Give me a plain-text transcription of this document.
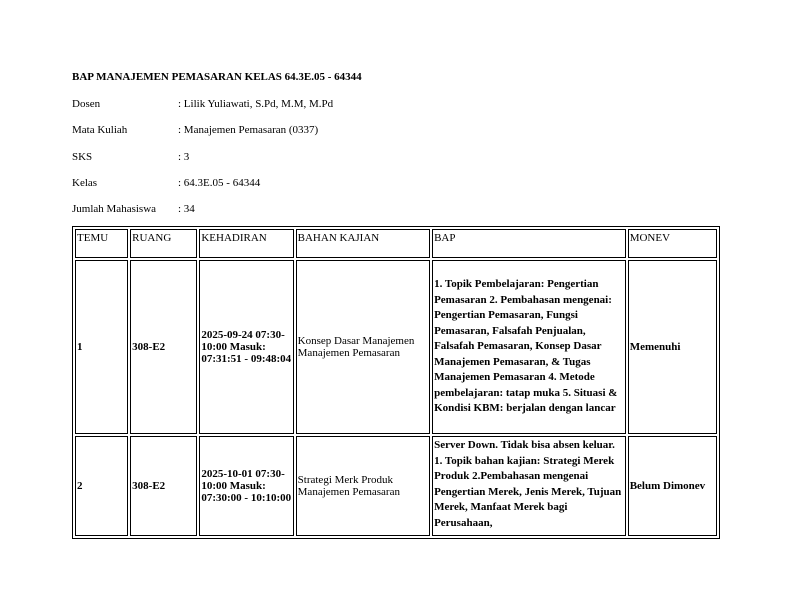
BAP MANAJEMEN PEMASARAN KELAS 64.3E.05 - 64344
Dosen	: Lilik Yuliawati, S.Pd, M.M, M.Pd
Mata Kuliah	: Manajemen Pemasaran (0337)
SKS	: 3
Kelas	: 64.3E.05 - 64344
Jumlah Mahasiswa : 34
TEMU	RUANG	KEHADIRAN	BAHAN KAJIAN	BAP	MONEV
1	308-E2	2025-09-24 07:30-10:00 Masuk: 07:31:51 - 09:48:04	Konsep Dasar Manajemen Manajemen Pemasaran	1. Topik Pembelajaran: Pengertian Pemasaran 2. Pembahasan mengenai: Pengertian Pemasaran, Fungsi Pemasaran, Falsafah Penjualan, Falsafah Pemasaran, Konsep Dasar Manajemen Pemasaran, & Tugas Manajemen Pemasaran 4. Metode pembelajaran: tatap muka 5. Situasi & Kondisi KBM: berjalan dengan lancar	Memenuhi
2	308-E2	2025-10-01 07:30-10:00 Masuk: 07:30:00 - 10:10:00	Strategi Merk Produk Manajemen Pemasaran	Server Down. Tidak bisa absen keluar. 1. Topik bahan kajian: Strategi Merek Produk 2.Pembahasan mengenai Pengertian Merek, Jenis Merek, Tujuan Merek, Manfaat Merek bagi Perusahaan,	Belum Dimonev
